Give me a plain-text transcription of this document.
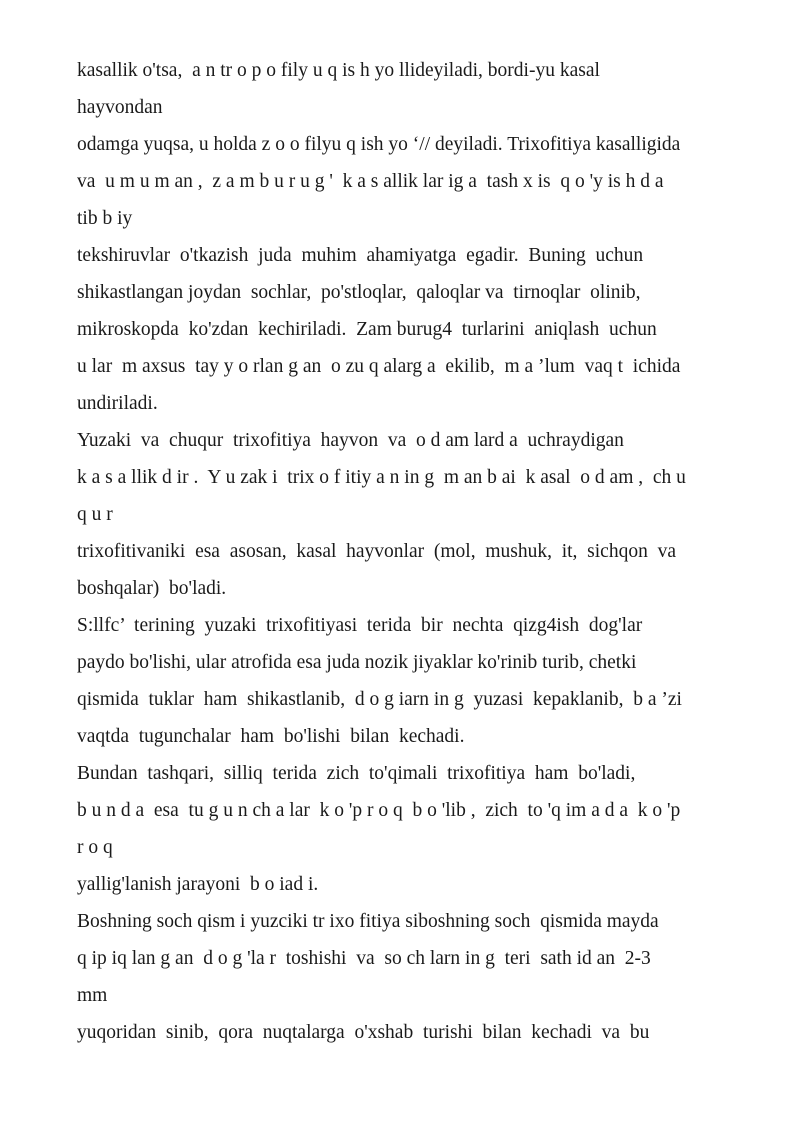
kasallik o'tsa,  a n tr o p o fily u q is h yo llideyiladi, bordi-yu kasal
hayvondan
odamga yuqsa, u holda z o o filyu q ish yo ‘// deyiladi. Trixofitiya kasalligida
va  u m u m an ,  z a m b u r u g '  k a s allik lar ig a  tash x is  q o 'y is h d a
tib b iy
tekshiruvlar  o'tkazish  juda  muhim  ahamiyatga  egadir.  Buning  uchun
shikastlangan joydan  sochlar,  po'stloqlar,  qaloqlar va  tirnoqlar  olinib,
mikroskopda  ko'zdan  kechiriladi.  Zam burug4  turlarini  aniqlash  uchun
u lar  m axsus  tay y o rlan g an  o zu q alarg a  ekilib,  m a ’lum  vaq t  ichida
undiriladi.
Yuzaki  va  chuqur  trixofitiya  hayvon  va  o d am lard a  uchraydigan
k a s a llik d ir .  Y u zak i  trix o f itiy a n in g  m an b ai  k asal  o d am ,  ch u
q u r
trixofitivaniki  esa  asosan,  kasal  hayvonlar  (mol,  mushuk,  it,  sichqon  va
boshqalar)  bo'ladi.
S:llfc’  terining  yuzaki  trixofitiyasi  terida  bir  nechta  qizg4ish  dog'lar
paydo bo'lishi, ular atrofida esa juda nozik jiyaklar ko'rinib turib, chetki
qismida  tuklar  ham  shikastlanib,  d o g iarn in g  yuzasi  kepaklanib,  b a ’zi
vaqtda  tugunchalar  ham  bo'lishi  bilan  kechadi.
Bundan  tashqari,  silliq  terida  zich  to'qimali  trixofitiya  ham  bo'ladi,
b u n d a  esa  tu g u n ch a lar  k o 'p r o q  b o 'lib ,  zich  to 'q im a d a  k o 'p
r o q
yallig'lanish jarayoni  b o iad i.
Boshning soch qism i yuzciki tr ixo fitiya siboshning soch  qismida mayda
q ip iq lan g an  d o g 'la r  toshishi  va  so ch larn in g  teri  sath id an  2-3
mm
yuqoridan  sinib,  qora  nuqtalarga  o'xshab  turishi  bilan  kechadi  va  bu
